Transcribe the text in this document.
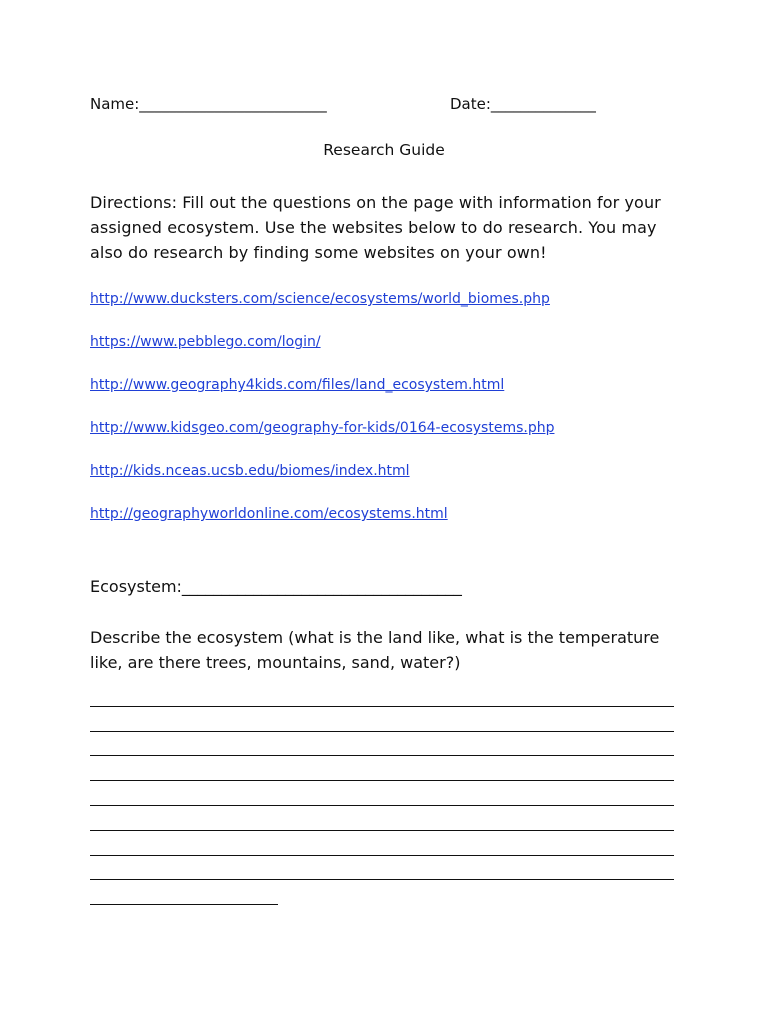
Name:_________________________	Date:______________
Research Guide
Directions: Fill out the questions on the page with information for your assigned ecosystem. Use the websites below to do research. You may also do research by finding some websites on your own!
http://www.ducksters.com/science/ecosystems/world_biomes.php
https://www.pebblego.com/login/
http://www.geography4kids.com/files/land_ecosystem.html
http://www.kidsgeo.com/geography-for-kids/0164-ecosystems.php
http://kids.nceas.ucsb.edu/biomes/index.html
http://geographyworldonline.com/ecosystems.html
Ecosystem:___________________________________
Describe the ecosystem (what is the land like, what is the temperature like, are there trees, mountains, sand, water?)
